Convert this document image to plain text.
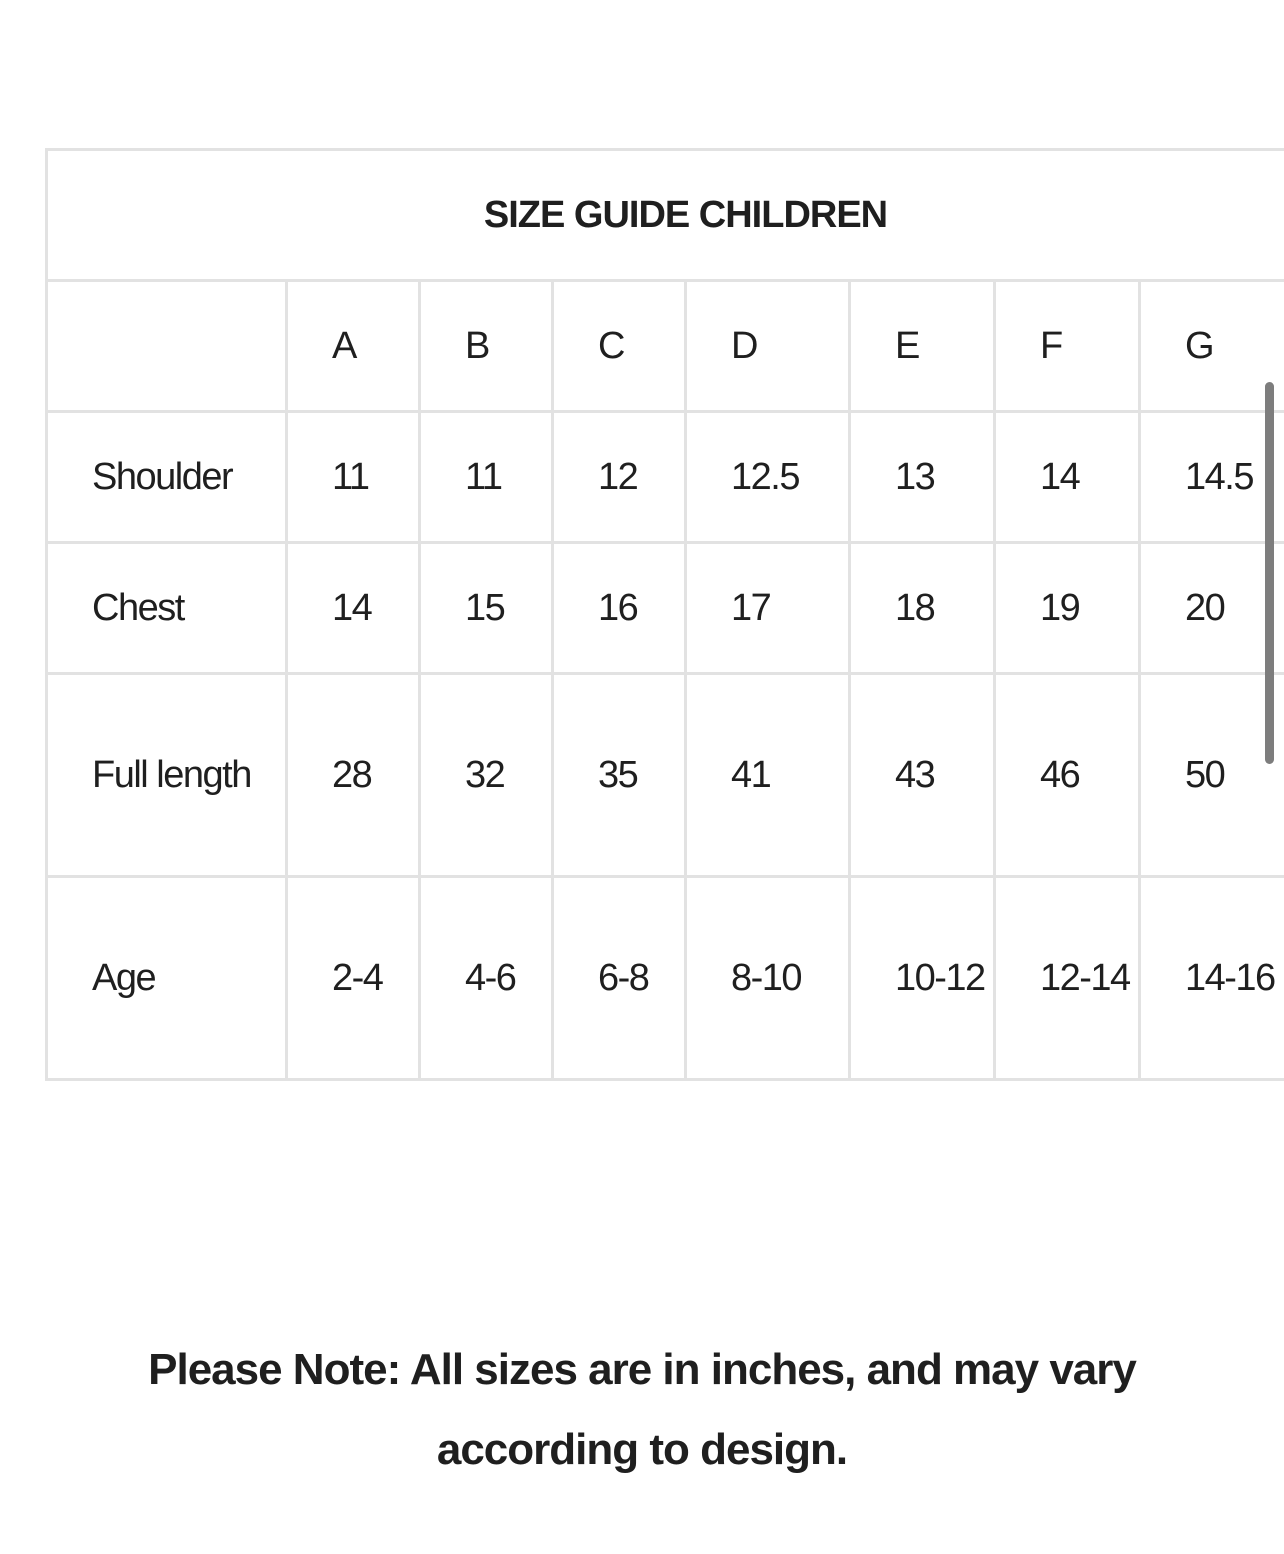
SIZE GUIDE CHILDREN							
	A	B	C	D	E	F	G
Shoulder	11	11	12	12.5	13	14	14.5
Chest	14	15	16	17	18	19	20
Full length	28	32	35	41	43	46	50
Age	2-4	4-6	6-8	8-10	10-12	12-14	14-16
Please Note: All sizes are in inches, and may vary according to design.
